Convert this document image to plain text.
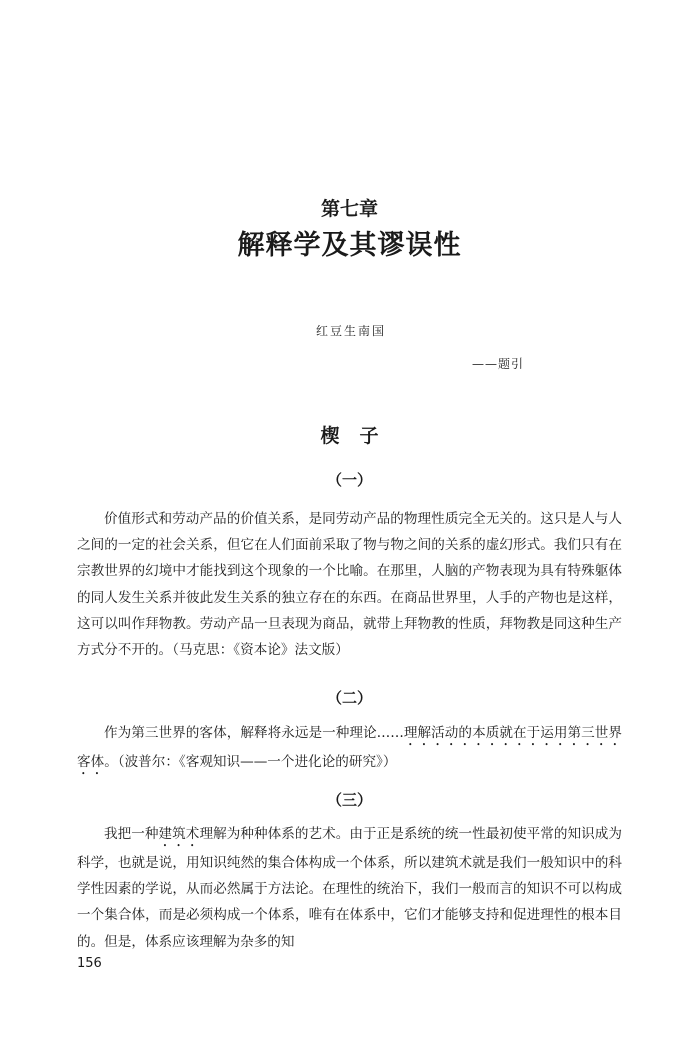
第七章
解释学及其谬误性
红豆生南国
——题引
楔子
（一）

价值形式和劳动产品的价值关系，是同劳动产品的物理性质完全无关的。这只是人与人之间的一定的社会关系，但它在人们面前采取了物与物之间的关系的虚幻形式。我们只有在宗教世界的幻境中才能找到这个现象的一个比喻。在那里，人脑的产物表现为具有特殊躯体的同人发生关系并彼此发生关系的独立存在的东西。在商品世界里，人手的产物也是这样，这可以叫作拜物教。劳动产品一旦表现为商品，就带上拜物教的性质，拜物教是同这种生产方式分不开的。（马克思：《资本论》法文版）

（二）

作为第三世界的客体，解释将永远是一种理论……理解活动的本质就在于运用第三世界客体。（波普尔：《客观知识——一个进化论的研究》）

（三）

我把一种建筑术理解为种种体系的艺术。由于正是系统的统一性最初使平常的知识成为科学，也就是说，用知识纯然的集合体构成一个体系，所以建筑术就是我们一般知识中的科学性因素的学说，从而必然属于方法论。在理性的统治下，我们一般而言的知识不可以构成一个集合体，而是必须构成一个体系，唯有在体系中，它们才能够支持和促进理性的根本目的。但是，体系应该理解为杂多的知

156
